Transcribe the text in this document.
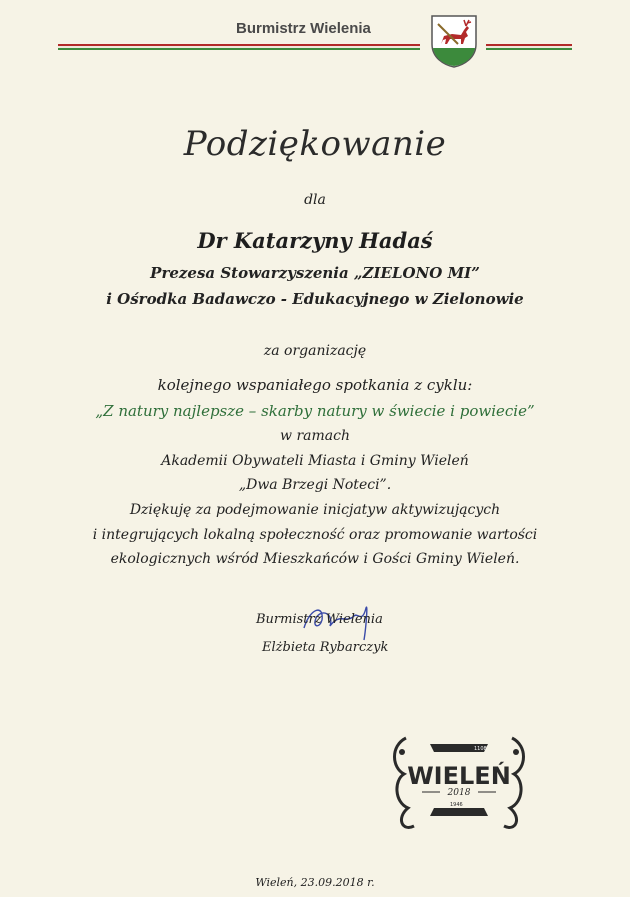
Burmistrz Wielenia
Podziękowanie
dla
Dr Katarzyny Hadaś
Prezesa Stowarzyszenia „ZIELONO MI”
i Ośrodka Badawczo - Edukacyjnego w Zielonowie
za organizację
kolejnego wspaniałego spotkania z cyklu:
„Z natury najlepsze – skarby natury w świecie i powiecie”
w ramach
Akademii Obywateli Miasta i Gminy Wieleń
„Dwa Brzegi Noteci”.
Dziękuję za podejmowanie inicjatyw aktywizujących
i integrujących lokalną społeczność oraz promowanie wartości
ekologicznych wśród Mieszkańców i Gości Gminy Wieleń.
Burmistrz Wielenia
Elżbieta Rybarczyk
1108
WIELEŃ
2018
1946
Wieleń, 23.09.2018 r.
